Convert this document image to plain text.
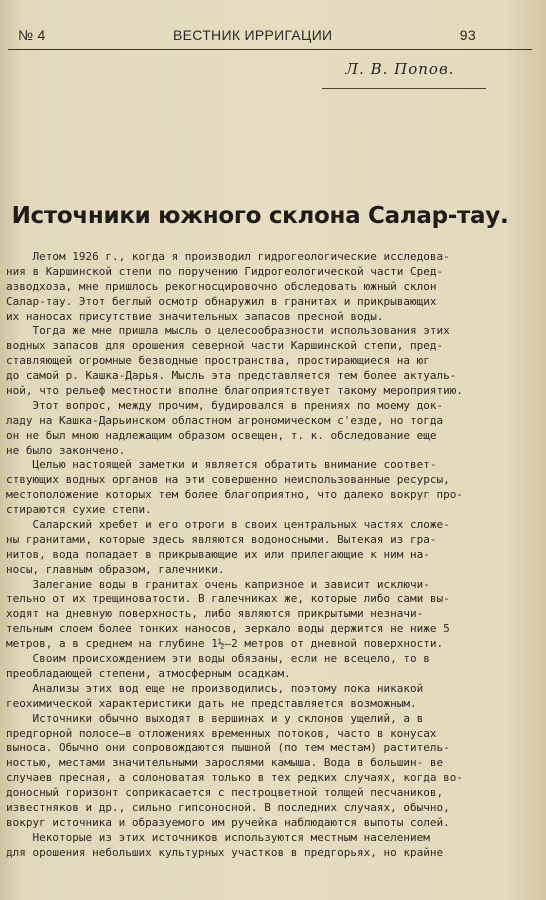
№ 4	ВЕСТНИК ИРРИГАЦИИ	93
Л. В. Попов.
Источники южного склона Салар-тау.
Летом 1926 г., когда я производил гидрогеологические исследова-
ния в Каршинской степи по поручению Гидрогеологической части Сред-
азводхоза, мне пришлось рекогносцировочно обследовать южный склон
Салар-тау. Этот беглый осмотр обнаружил в гранитах и прикрывающих
их наносах присутствие значительных запасов пресной воды.
Тогда же мне пришла мысль о целесообразности использования этих
водных запасов для орошения северной части Каршинской степи, пред-
ставляющей огромные безводные пространства, простирающиеся на юг
до самой р. Кашка-Дарья. Мысль эта представляется тем более актуаль-
ной, что рельеф местности вполне благоприятствует такому мероприятию.
Этот вопрос, между прочим, будировался в прениях по моему док-
ладу на Кашка-Дарьинском областном агрономическом с'езде, но тогда
он не был мною надлежащим образом освещен, т. к. обследование еще
не было закончено.
Целью настоящей заметки и является обратить внимание соответ-
ствующих водных органов на эти совершенно неиспользованные ресурсы,
местоположение которых тем более благоприятно, что далеко вокруг про-
стираются сухие степи.
Саларский хребет и его отроги в своих центральных частях сложе-
ны гранитами, которые здесь являются водоносными. Вытекая из гра-
нитов, вода попадает в прикрывающие их или прилегающие к ним на-
носы, главным образом, галечники.
Залегание воды в гранитах очень капризное и зависит исключи-
тельно от их трещиноватости. В галечниках же, которые либо сами вы-
ходят на дневную поверхность, либо являются прикрытыми незначи-
тельным слоем более тонких наносов, зеркало воды держится не ниже 5
метров, а в среднем на глубине 1½—2 метров от дневной поверхности.
Своим происхождением эти воды обязаны, если не всецело, то в
преобладающей степени, атмосферным осадкам.
Анализы этих вод еще не производились, поэтому пока никакой
геохимической характеристики дать не представляется возможным.
Источники обычно выходят в вершинах и у склонов ущелий, а в
предгорной полосе—в отложениях временных потоков, часто в конусах
выноса. Обычно они сопровождаются пышной (по тем местам) раститель-
ностью, местами значительными зарослями камыша. Вода в большин- ве
случаев пресная, а солоноватая только в тех редких случаях, когда во-
доносный горизонт соприкасается с пестроцветной толщей песчаников,
известняков и др., сильно гипсоносной. В последних случаях, обычно,
вокруг источника и образуемого им ручейка наблюдаются выпоты солей.
Некоторые из этих источников используются местным населением
для орошения небольших культурных участков в предгорьях, но крайне
